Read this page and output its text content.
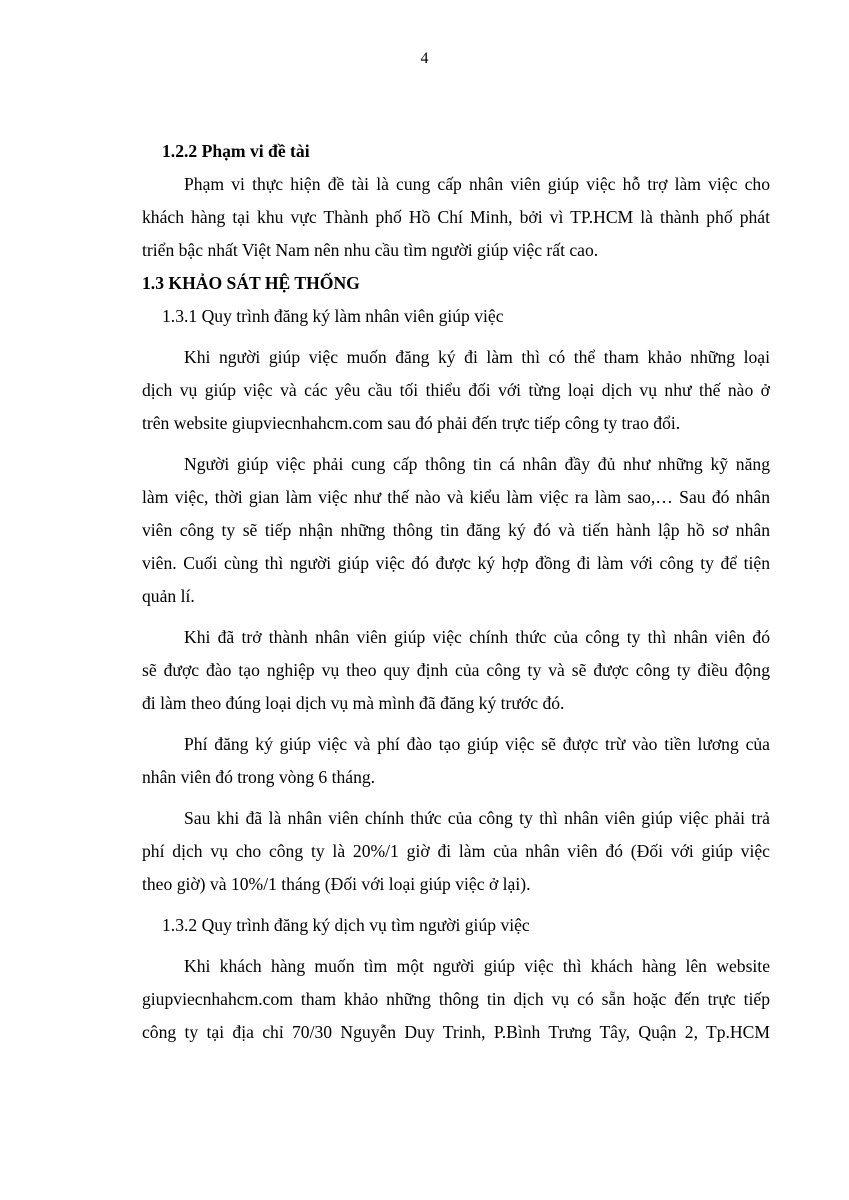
4
1.2.2 Phạm vi đề tài
Phạm vi thực hiện đề tài là cung cấp nhân viên giúp việc hỗ trợ làm việc cho
khách hàng tại khu vực Thành phố Hồ Chí Minh, bởi vì TP.HCM là thành phố phát
triển bậc nhất Việt Nam nên nhu cầu tìm người giúp việc rất cao.
1.3 KHẢO SÁT HỆ THỐNG
1.3.1 Quy trình đăng ký làm nhân viên giúp việc
Khi người giúp việc muốn đăng ký đi làm thì có thể tham khảo những loại
dịch vụ giúp việc và các yêu cầu tối thiểu đối với từng loại dịch vụ như thế nào ở
trên website giupviecnhahcm.com sau đó phải đến trực tiếp công ty trao đổi.
Người giúp việc phải cung cấp thông tin cá nhân đầy đủ như những kỹ năng
làm việc, thời gian làm việc như thế nào và kiểu làm việc ra làm sao,… Sau đó nhân
viên công ty sẽ tiếp nhận những thông tin đăng ký đó và tiến hành lập hồ sơ nhân
viên. Cuối cùng thì người giúp việc đó được ký hợp đồng đi làm với công ty để tiện
quản lí.
Khi đã trở thành nhân viên giúp việc chính thức của công ty thì nhân viên đó
sẽ được đào tạo nghiệp vụ theo quy định của công ty và sẽ được công ty điều động
đi làm theo đúng loại dịch vụ mà mình đã đăng ký trước đó.
Phí đăng ký giúp việc và phí đào tạo giúp việc sẽ được trừ vào tiền lương của
nhân viên đó trong vòng 6 tháng.
Sau khi đã là nhân viên chính thức của công ty thì nhân viên giúp việc phải trả
phí dịch vụ cho công ty là 20%/1 giờ đi làm của nhân viên đó (Đối với giúp việc
theo giờ) và 10%/1 tháng (Đối với loại giúp việc ở lại).
1.3.2 Quy trình đăng ký dịch vụ tìm người giúp việc
Khi khách hàng muốn tìm một người giúp việc thì khách hàng lên website
giupviecnhahcm.com tham khảo những thông tin dịch vụ có sẵn hoặc đến trực tiếp
công ty tại địa chỉ 70/30 Nguyễn Duy Trinh, P.Bình Trưng Tây, Quận 2, Tp.HCM
